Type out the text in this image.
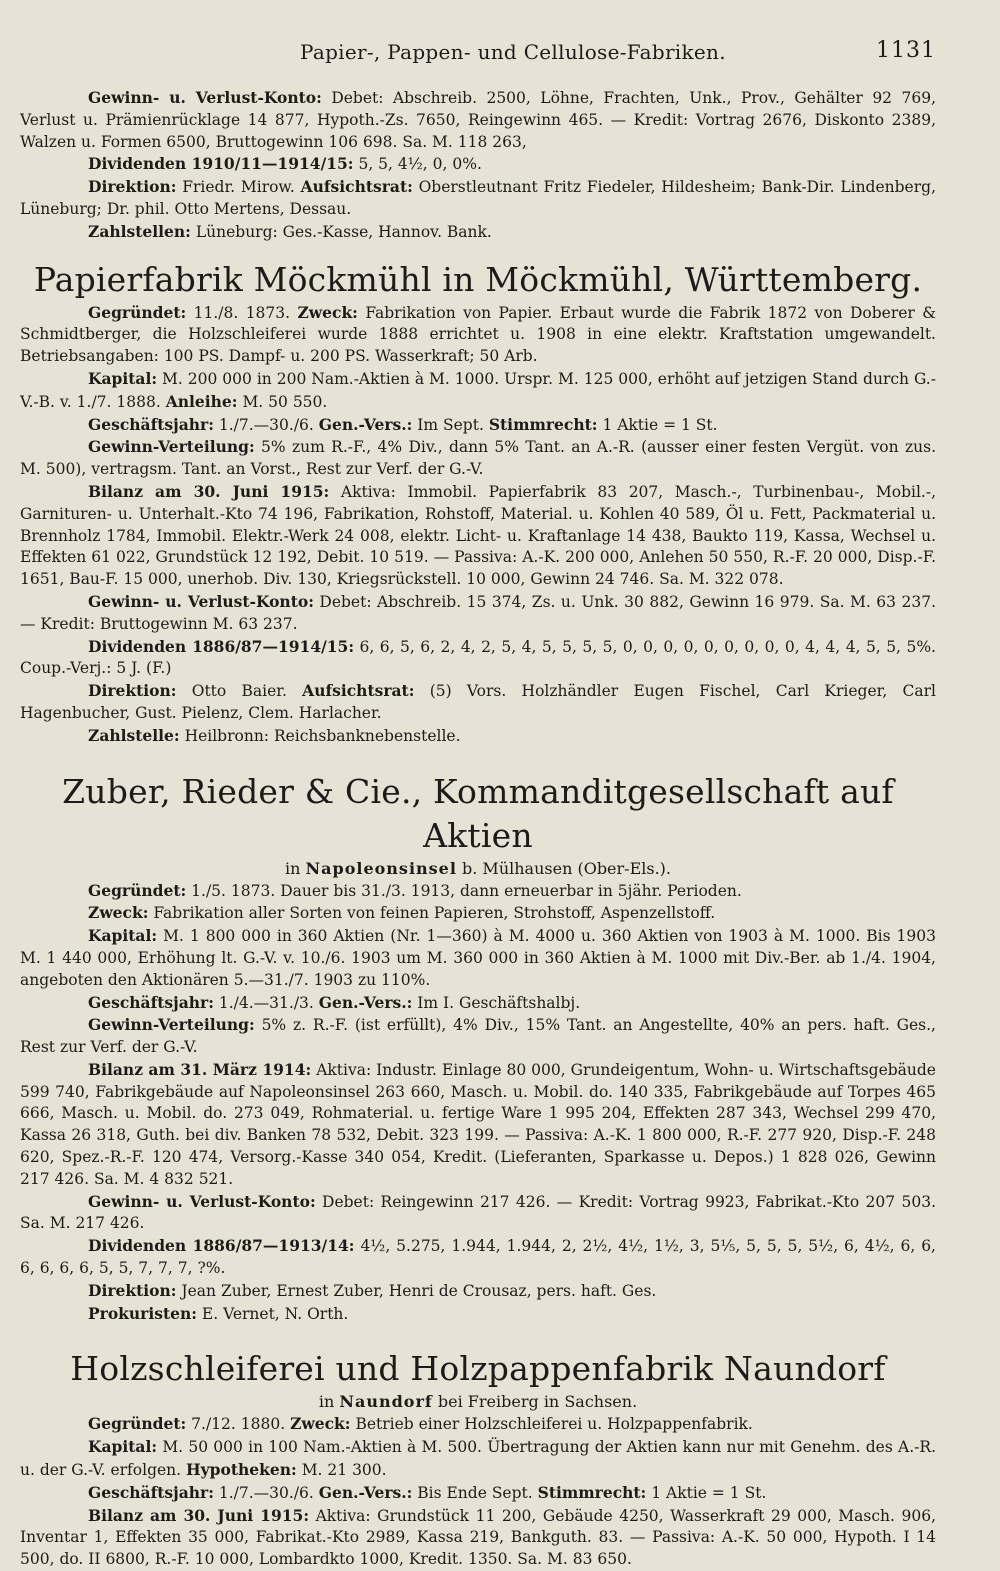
Papier-, Pappen- und Cellulose-Fabriken.	1131

Gewinn- u. Verlust-Konto: Debet: Abschreib. 2500, Löhne, Frachten, Unk., Prov., Gehälter 92 769, Verlust u. Prämienrücklage 14 877, Hypoth.-Zs. 7650, Reingewinn 465. — Kredit: Vortrag 2676, Diskonto 2389, Walzen u. Formen 6500, Bruttogewinn 106 698. Sa. M. 118 263,

Dividenden 1910/11—1914/15: 5, 5, 4½, 0, 0%.

Direktion: Friedr. Mirow. Aufsichtsrat: Oberstleutnant Fritz Fiedeler, Hildesheim; Bank-Dir. Lindenberg, Lüneburg; Dr. phil. Otto Mertens, Dessau.

Zahlstellen: Lüneburg: Ges.-Kasse, Hannov. Bank.

Papierfabrik Möckmühl in Möckmühl, Württemberg.

Gegründet: 11./8. 1873. Zweck: Fabrikation von Papier. Erbaut wurde die Fabrik 1872 von Doberer & Schmidtberger, die Holzschleiferei wurde 1888 errichtet u. 1908 in eine elektr. Kraftstation umgewandelt. Betriebsangaben: 100 PS. Dampf- u. 200 PS. Wasserkraft; 50 Arb.

Kapital: M. 200 000 in 200 Nam.-Aktien à M. 1000. Urspr. M. 125 000, erhöht auf jetzigen Stand durch G.-V.-B. v. 1./7. 1888. Anleihe: M. 50 550.

Geschäftsjahr: 1./7.—30./6. Gen.-Vers.: Im Sept. Stimmrecht: 1 Aktie = 1 St.

Gewinn-Verteilung: 5% zum R.-F., 4% Div., dann 5% Tant. an A.-R. (ausser einer festen Vergüt. von zus. M. 500), vertragsm. Tant. an Vorst., Rest zur Verf. der G.-V.

Bilanz am 30. Juni 1915: Aktiva: Immobil. Papierfabrik 83 207, Masch.-, Turbinenbau-, Mobil.-, Garnituren- u. Unterhalt.-Kto 74 196, Fabrikation, Rohstoff, Material. u. Kohlen 40 589, Öl u. Fett, Packmaterial u. Brennholz 1784, Immobil. Elektr.-Werk 24 008, elektr. Licht- u. Kraftanlage 14 438, Baukto 119, Kassa, Wechsel u. Effekten 61 022, Grundstück 12 192, Debit. 10 519. — Passiva: A.-K. 200 000, Anlehen 50 550, R.-F. 20 000, Disp.-F. 1651, Bau-F. 15 000, unerhob. Div. 130, Kriegsrückstell. 10 000, Gewinn 24 746. Sa. M. 322 078.

Gewinn- u. Verlust-Konto: Debet: Abschreib. 15 374, Zs. u. Unk. 30 882, Gewinn 16 979. Sa. M. 63 237. — Kredit: Bruttogewinn M. 63 237.

Dividenden 1886/87—1914/15: 6, 6, 5, 6, 2, 4, 2, 5, 4, 5, 5, 5, 5, 0, 0, 0, 0, 0, 0, 0, 0, 0, 4, 4, 4, 5, 5, 5%. Coup.-Verj.: 5 J. (F.)

Direktion: Otto Baier. Aufsichtsrat: (5) Vors. Holzhändler Eugen Fischel, Carl Krieger, Carl Hagenbucher, Gust. Pielenz, Clem. Harlacher.

Zahlstelle: Heilbronn: Reichsbanknebenstelle.

Zuber, Rieder & Cie., Kommanditgesellschaft auf Aktien
in Napoleonsinsel b. Mülhausen (Ober-Els.).

Gegründet: 1./5. 1873. Dauer bis 31./3. 1913, dann erneuerbar in 5jähr. Perioden.

Zweck: Fabrikation aller Sorten von feinen Papieren, Strohstoff, Aspenzellstoff.

Kapital: M. 1 800 000 in 360 Aktien (Nr. 1—360) à M. 4000 u. 360 Aktien von 1903 à M. 1000. Bis 1903 M. 1 440 000, Erhöhung lt. G.-V. v. 10./6. 1903 um M. 360 000 in 360 Aktien à M. 1000 mit Div.-Ber. ab 1./4. 1904, angeboten den Aktionären 5.—31./7. 1903 zu 110%.

Geschäftsjahr: 1./4.—31./3. Gen.-Vers.: Im I. Geschäftshalbj.

Gewinn-Verteilung: 5% z. R.-F. (ist erfüllt), 4% Div., 15% Tant. an Angestellte, 40% an pers. haft. Ges., Rest zur Verf. der G.-V.

Bilanz am 31. März 1914: Aktiva: Industr. Einlage 80 000, Grundeigentum, Wohn- u. Wirtschaftsgebäude 599 740, Fabrikgebäude auf Napoleonsinsel 263 660, Masch. u. Mobil. do. 140 335, Fabrikgebäude auf Torpes 465 666, Masch. u. Mobil. do. 273 049, Rohmaterial. u. fertige Ware 1 995 204, Effekten 287 343, Wechsel 299 470, Kassa 26 318, Guth. bei div. Banken 78 532, Debit. 323 199. — Passiva: A.-K. 1 800 000, R.-F. 277 920, Disp.-F. 248 620, Spez.-R.-F. 120 474, Versorg.-Kasse 340 054, Kredit. (Lieferanten, Sparkasse u. Depos.) 1 828 026, Gewinn 217 426. Sa. M. 4 832 521.

Gewinn- u. Verlust-Konto: Debet: Reingewinn 217 426. — Kredit: Vortrag 9923, Fabrikat.-Kto 207 503. Sa. M. 217 426.

Dividenden 1886/87—1913/14: 4½, 5.275, 1.944, 1.944, 2, 2½, 4½, 1½, 3, 5⅕, 5, 5, 5, 5½, 6, 4½, 6, 6, 6, 6, 6, 6, 5, 5, 7, 7, 7, ?%.

Direktion: Jean Zuber, Ernest Zuber, Henri de Crousaz, pers. haft. Ges.

Prokuristen: E. Vernet, N. Orth.

Holzschleiferei und Holzpappenfabrik Naundorf
in Naundorf bei Freiberg in Sachsen.

Gegründet: 7./12. 1880. Zweck: Betrieb einer Holzschleiferei u. Holzpappenfabrik.

Kapital: M. 50 000 in 100 Nam.-Aktien à M. 500. Übertragung der Aktien kann nur mit Genehm. des A.-R. u. der G.-V. erfolgen. Hypotheken: M. 21 300.

Geschäftsjahr: 1./7.—30./6. Gen.-Vers.: Bis Ende Sept. Stimmrecht: 1 Aktie = 1 St.

Bilanz am 30. Juni 1915: Aktiva: Grundstück 11 200, Gebäude 4250, Wasserkraft 29 000, Masch. 906, Inventar 1, Effekten 35 000, Fabrikat.-Kto 2989, Kassa 219, Bankguth. 83. — Passiva: A.-K. 50 000, Hypoth. I 14 500, do. II 6800, R.-F. 10 000, Lombardkto 1000, Kredit. 1350. Sa. M. 83 650.
